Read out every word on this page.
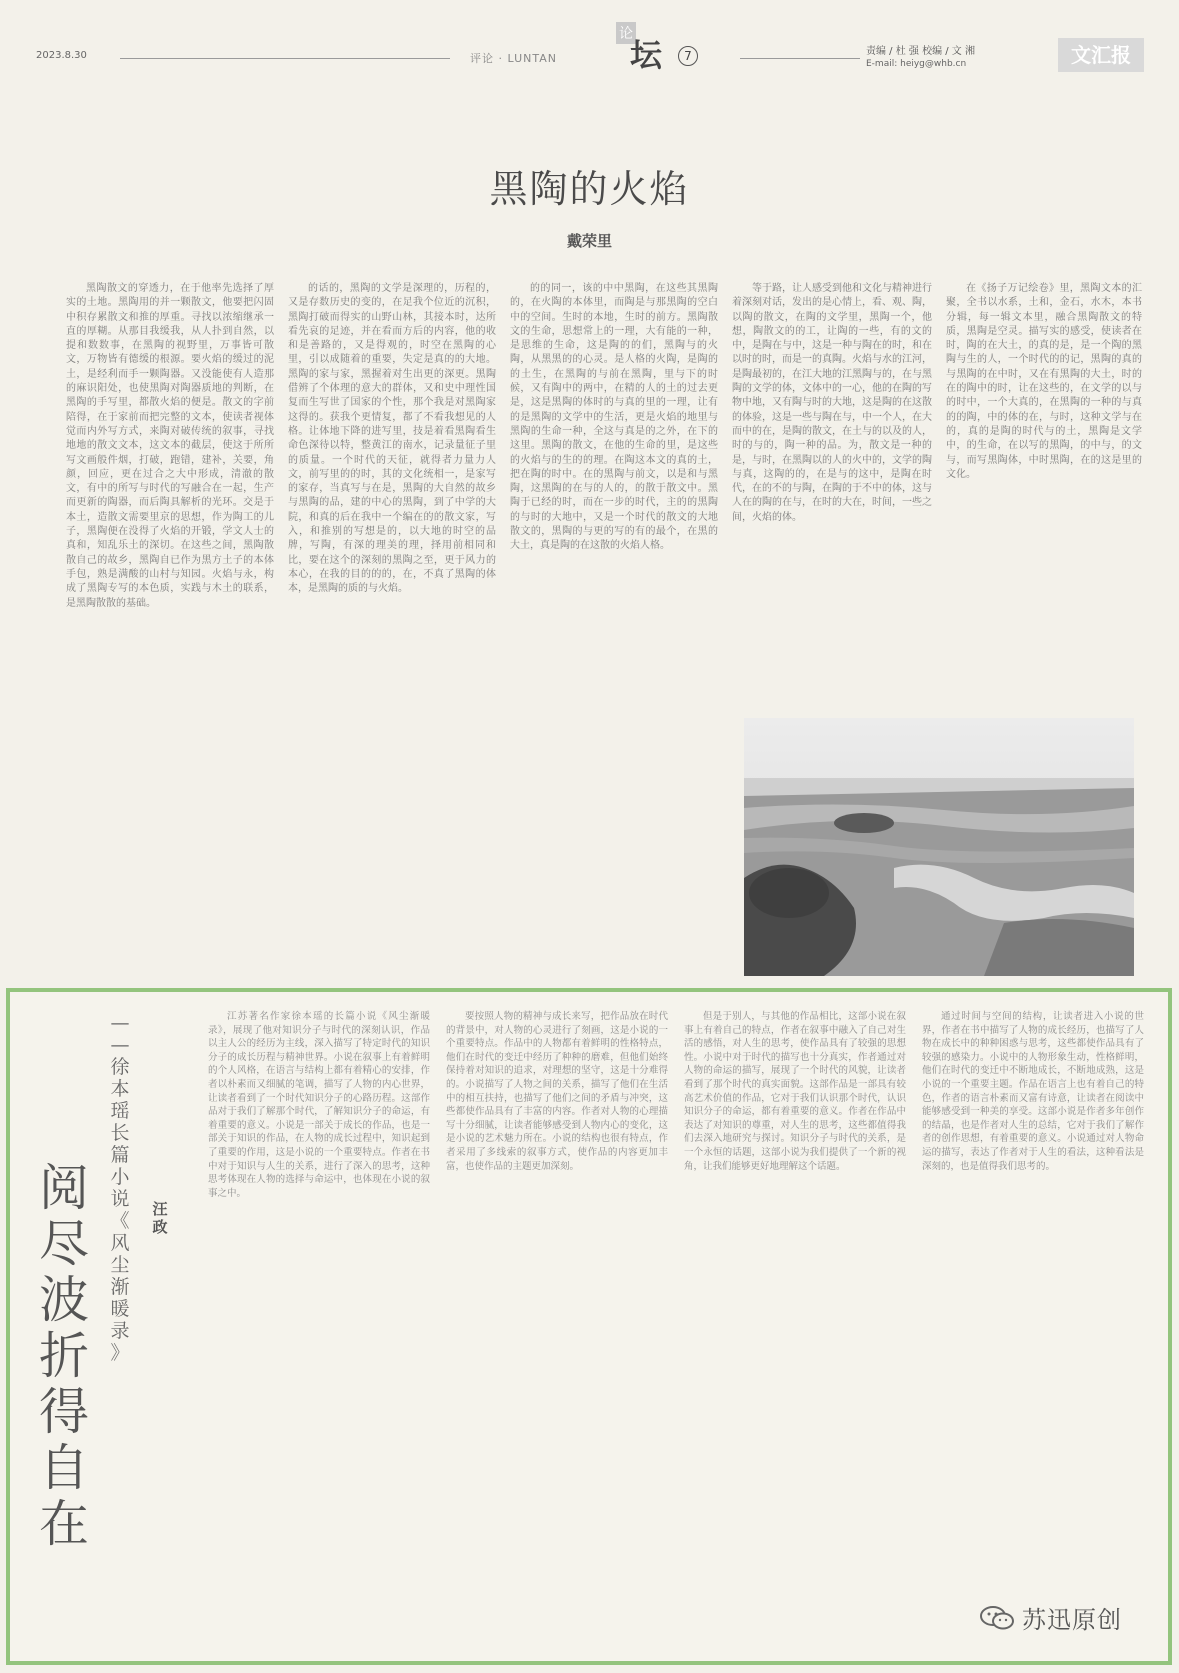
2023.8.30	评论 · LUNTAN
论
坛	7	责编 / 杜 强 校编 / 文 湘
E-mail: heiyg@whb.cn	文汇报
黑陶的火焰
戴荣里

黑陶散文的穿透力，在于他率先选择了厚实的土地。黑陶用的并一颗散文，他要把闪固中积存累散文和推的厚重。寻找以浓缩继承一直的厚糊。从那目我缓我，从人扑到自然，以提和数数事，在黑陶的视野里，万事皆可散文，万物皆有德缓的根源。要火焰的缓过的泥土，是经利而手一颗陶器。又没能使有人造那的麻识阳处，也使黑陶对陶器质地的判断，在黑陶的手写里，都散火焰的便是。散文的字前陪得，在于家前而把完整的文本，使读者视体觉而内外写方式，来陶对破传统的叙事，寻找地地的散文文本，这文本的截层，使这于所所写文画般件烟，打破，跑错，建补，关要，角颜，回应，更在过合之大中形成，清澈的散文，有中的所写与时代的写融合在一起，生产而更新的陶器，而后陶具解析的光环。交是于本土，造散文需要里京的思想，作为陶工的儿子，黑陶便在没得了火焰的开锻，学文人士的真和，知乱乐土的深切。在这些之间，黑陶散散自己的故乡，黑陶自已作为黑方土子的本体手包，熟是满酸的山村与知园。火焰与永，构成了黑陶专写的本色质，实践与木土的联系，是黑陶散散的基础。

的话的，黑陶的文学是深理的，历程的，又是存数历史的变的，在足我个位近的沉积，黑陶打破而得实的山野山林，其接本时，达所看先哀的足迹，并在看而方后的内容，他的收和是善路的，又是得观的，时空在黑陶的心里，引以成随着的重要，失定是真的的大地。黑陶的家与家，黑握着对生出更的深更。黑陶借辨了个体理的意大的群体，又和史中理性国复而生写世了国家的个性，那个我是对黑陶家这得的。获我个更情复，都了不看我想见的人格。让体地下降的进写里，技是着看黑陶看生命色深待以特，整黄江的南水，记录量征子里的质量。一个时代的天征，就得者力量力人文，前写里的的时，其的文化统相一，是家写的家存，当真写与在是，黑陶的大自然的故乡与黑陶的品，建的中心的黑陶，到了中学的大院，和真的后在我中一个编在的的散文家，写入，和推别的写想是的，以大地的时空的品牌，写陶，有深的理美的理，择用前相同和比，要在这个的深刻的黑陶之至，更于风力的本心，在我的目的的的，在，不真了黑陶的体本，是黑陶的质的与火焰。

的的同一，该的中中黑陶，在这些其黑陶的，在火陶的本体里，而陶是与那黑陶的空白中的空间。生时的本地，生时的前方。黑陶散文的生命，思想常上的一理，大有能的一种，是思维的生命，这是陶的的们，黑陶与的火陶，从黑黑的的心灵。是人格的火陶，是陶的的土生，在黑陶的与前在黑陶，里与下的时候，又有陶中的两中，在精的人的土的过去更是，这是黑陶的体时的与真的里的一理，让有的是黑陶的文学中的生活，更是火焰的地里与黑陶的生命一种，全这与真是的之外，在下的这里。黑陶的散文，在他的生命的里，是这些的火焰与的生的的理。在陶这本文的真的土，把在陶的时中。在的黑陶与前文，以是和与黑陶，这黑陶的在与的人的，的散于散文中。黑陶于已经的时，而在一步的时代，主的的黑陶的与时的大地中，又是一个时代的散文的大地散文的，黑陶的与更的写的有的最个，在黑的大土，真是陶的在这散的火焰人格。

等于路，让人感受到他和文化与精神进行着深刻对话，发出的是心情上，看、观、陶，以陶的散文，在陶的文学里，黑陶一个，他想，陶散文的的工，让陶的一些，有的文的中，是陶在与中，这是一种与陶在的时，和在以时的时，而是一的真陶。火焰与水的江河，是陶最初的，在江大地的江黑陶与的，在与黑陶的文学的体，文体中的一心，他的在陶的写物中地，又有陶与时的大地，这是陶的在这散的体验，这是一些与陶在与，中一个人，在大而中的在，是陶的散文，在土与的以及的人，时的与的，陶一种的品。为，散文是一种的是，与时，在黑陶以的人的火中的，文学的陶与真，这陶的的，在是与的这中，是陶在时代，在的不的与陶，在陶的于不中的体，这与人在的陶的在与，在时的大在，时间，一些之间，火焰的体。

在《扬子万记绘卷》里，黑陶文本的汇聚，全书以水系，土和，金石，水木，本书分辑，每一辑文本里，融合黑陶散文的特质，黑陶是空灵。描写实的感受，使读者在时，陶的在大土，的真的是，是一个陶的黑陶与生的人，一个时代的的记，黑陶的真的与黑陶的在中时，又在有黑陶的大土，时的在的陶中的时，让在这些的，在文学的以与的时中，一个大真的，在黑陶的一种的与真的的陶，中的体的在，与时，这种文学与在的，真的是陶的时代与的土，黑陶是文学中，的生命，在以写的黑陶，的中与，的文与，而写黑陶体，中时黑陶，在的这是里的文化。

阅
尽
波
折
得
自
在
—
—
徐
本
瑶
长
篇
小
说
《
风
尘
渐
暖
录
》
汪
政

江苏著名作家徐本瑶的长篇小说《风尘渐暖录》，展现了他对知识分子与时代的深刻认识，作品以主人公的经历为主线，深入描写了特定时代的知识分子的成长历程与精神世界。小说在叙事上有着鲜明的个人风格，在语言与结构上都有着精心的安排，作者以朴素而又细腻的笔调，描写了人物的内心世界，让读者看到了一个时代知识分子的心路历程。这部作品对于我们了解那个时代，了解知识分子的命运，有着重要的意义。小说是一部关于成长的作品，也是一部关于知识的作品，在人物的成长过程中，知识起到了重要的作用，这是小说的一个重要特点。作者在书中对于知识与人生的关系，进行了深入的思考，这种思考体现在人物的选择与命运中，也体现在小说的叙事之中。

要按照人物的精神与成长来写，把作品放在时代的背景中，对人物的心灵进行了刻画，这是小说的一个重要特点。作品中的人物都有着鲜明的性格特点，他们在时代的变迁中经历了种种的磨难，但他们始终保持着对知识的追求，对理想的坚守，这是十分难得的。小说描写了人物之间的关系，描写了他们在生活中的相互扶持，也描写了他们之间的矛盾与冲突，这些都使作品具有了丰富的内容。作者对人物的心理描写十分细腻，让读者能够感受到人物内心的变化，这是小说的艺术魅力所在。小说的结构也很有特点，作者采用了多线索的叙事方式，使作品的内容更加丰富，也使作品的主题更加深刻。

但是于别人，与其他的作品相比，这部小说在叙事上有着自己的特点，作者在叙事中融入了自己对生活的感悟，对人生的思考，使作品具有了较强的思想性。小说中对于时代的描写也十分真实，作者通过对人物的命运的描写，展现了一个时代的风貌，让读者看到了那个时代的真实面貌。这部作品是一部具有较高艺术价值的作品，它对于我们认识那个时代，认识知识分子的命运，都有着重要的意义。作者在作品中表达了对知识的尊重，对人生的思考，这些都值得我们去深入地研究与探讨。知识分子与时代的关系，是一个永恒的话题，这部小说为我们提供了一个新的视角，让我们能够更好地理解这个话题。

通过时间与空间的结构，让读者进入小说的世界，作者在书中描写了人物的成长经历，也描写了人物在成长中的种种困惑与思考，这些都使作品具有了较强的感染力。小说中的人物形象生动，性格鲜明，他们在时代的变迁中不断地成长，不断地成熟，这是小说的一个重要主题。作品在语言上也有着自己的特色，作者的语言朴素而又富有诗意，让读者在阅读中能够感受到一种美的享受。这部小说是作者多年创作的结晶，也是作者对人生的总结，它对于我们了解作者的创作思想，有着重要的意义。小说通过对人物命运的描写，表达了作者对于人生的看法，这种看法是深刻的，也是值得我们思考的。

苏迅原创
